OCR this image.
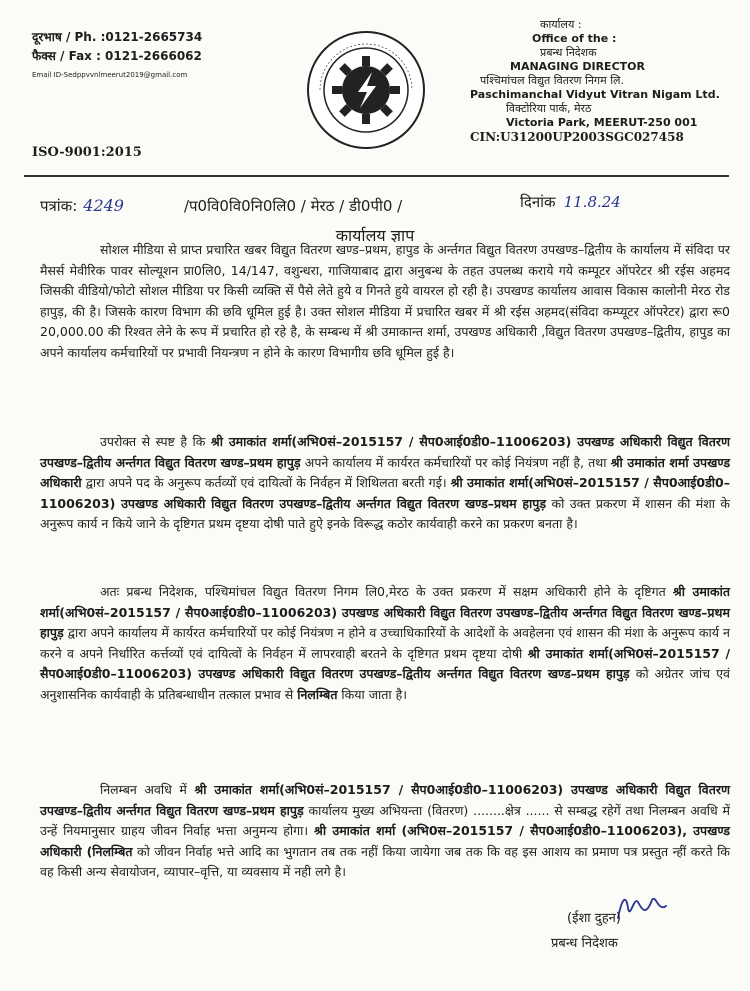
दूरभाष / Ph. :0121-2665734
फैक्स / Fax : 0121-2666062
Email ID-Sedppvvnlmeerut2019@gmail.com
ISO-9001:2015
कार्यालय :
Office of the :
प्रबन्ध निदेशक
MANAGING DIRECTOR
पश्चिमांचल विद्युत वितरण निगम लि.
Paschimanchal Vidyut Vitran Nigam Ltd.
विक्टोरिया पार्क, मेरठ
Victoria Park, MEERUT-250 001
CIN:U31200UP2003SGC027458
पत्रांक: 4249	/प0वि0वि0नि0लि0 / मेरठ / डी0पी0 /	दिनांक 11.8.24
कार्यालय ज्ञाप
सोशल मीडिया से प्राप्त प्रचारित खबर विद्युत वितरण खण्ड–प्रथम, हापुड के अर्न्तगत विद्युत वितरण उपखण्ड–द्वितीय के कार्यालय में संविदा पर मैसर्स मेवीरिक पावर सोल्यूशन प्रा0लि0, 14/147, वशुन्धरा, गाजियाबाद द्वारा अनुबन्ध के तहत उपलब्ध कराये गये कम्पूटर ऑपरेटर श्री रईस अहमद जिसकी वीडियो/फोटो सोशल मीडिया पर किसी व्यक्ति सें पैसे लेते हुये व गिनते हुये वायरल हो रही है। उपखण्ड कार्यालय आवास विकास कालोनी मेरठ रोड हापुड़, की है। जिसके कारण विभाग की छवि धूमिल हुई है। उक्त सोशल मीडिया में प्रचारित खबर में श्री रईस अहमद(संविदा कम्प्यूटर ऑपरेटर) द्वारा रू0 20,000.00 की रिश्वत लेने के रूप में प्रचारित हो रहे है, के सम्बन्ध में श्री उमाकान्त शर्मा, उपखण्ड अधिकारी ,विद्युत वितरण उपखण्ड–द्वितीय, हापुड का अपने कार्यालय कर्मचारियों पर प्रभावी नियन्त्रण न होने के कारण विभागीय छवि धूमिल हुई है।
उपरोक्त से स्पष्ट है कि श्री उमाकांत शर्मा(अभि0सं–2015157 / सैप0आई0डी0–11006203) उपखण्ड अधिकारी विद्युत वितरण उपखण्ड–द्वितीय अर्न्तगत विद्युत वितरण खण्ड–प्रथम हापुड़ अपने कार्यालय में कार्यरत कर्मचारियों पर कोई नियंत्रण नहीं है, तथा श्री उमाकांत शर्मा उपखण्ड अधिकारी द्वारा अपने पद के अनुरूप कर्तव्यों एवं दायित्वों के निर्वहन में शिथिलता बरती गई। श्री उमाकांत शर्मा(अभि0सं–2015157 / सैप0आई0डी0–11006203) उपखण्ड अधिकारी विद्युत वितरण उपखण्ड–द्वितीय अर्न्तगत विद्युत वितरण खण्ड–प्रथम हापुड़ को उक्त प्रकरण में शासन की मंशा के अनुरूप कार्य न किये जाने के दृष्टिगत प्रथम दृष्टया दोषी पाते हुऐ इनके विरूद्ध कठोर कार्यवाही करने का प्रकरण बनता है।
अतः प्रबन्ध निदेशक, पश्चिमांचल विद्युत वितरण निगम लि0,मेरठ के उक्त प्रकरण में सक्षम अधिकारी होने के दृष्टिगत श्री उमाकांत शर्मा(अभि0सं–2015157 / सैप0आई0डी0–11006203) उपखण्ड अधिकारी विद्युत वितरण उपखण्ड–द्वितीय अर्न्तगत विद्युत वितरण खण्ड–प्रथम हापुड़ द्वारा अपने कार्यालय में कार्यरत कर्मचारियों पर कोई नियंत्रण न होने व उच्चाधिकारियों के आदेशों के अवहेलना एवं शासन की मंशा के अनुरूप कार्य न करने व अपने निर्धारित कर्त्तव्यों एवं दायित्वों के निर्वहन में लापरवाही बरतने के दृष्टिगत प्रथम दृष्टया दोषी श्री उमाकांत शर्मा(अभि0सं–2015157 / सैप0आई0डी0–11006203) उपखण्ड अधिकारी विद्युत वितरण उपखण्ड–द्वितीय अर्न्तगत विद्युत वितरण खण्ड–प्रथम हापुड़ को अग्रेतर जांच एवं अनुशासनिक कार्यवाही के प्रतिबन्धाधीन तत्काल प्रभाव से निलम्बित किया जाता है।
निलम्बन अवधि में श्री उमाकांत शर्मा(अभि0सं–2015157 / सैप0आई0डी0–11006203) उपखण्ड अधिकारी विद्युत वितरण उपखण्ड–द्वितीय अर्न्तगत विद्युत वितरण खण्ड–प्रथम हापुड़ कार्यालय मुख्य अभियन्ता (वितरण) ........क्षेत्र ...... से सम्बद्ध रहेगें तथा निलम्बन अवधि में उन्हें नियमानुसार ग्राहय जीवन निर्वाह भत्ता अनुमन्य होगा। श्री उमाकांत शर्मा (अभि0स–2015157 / सैप0आई0डी0–11006203), उपखण्ड अधिकारी (निलम्बित को जीवन निर्वाह भत्ते आदि का भुगतान तब तक नहीं किया जायेगा जब तक कि वह इस आशय का प्रमाण पत्र प्रस्तुत न्हीं करते कि वह किसी अन्य सेवायोजन, व्यापार–वृत्ति, या व्यवसाय में नही लगे है।
(ईशा दुहन)
प्रबन्ध निदेशक
